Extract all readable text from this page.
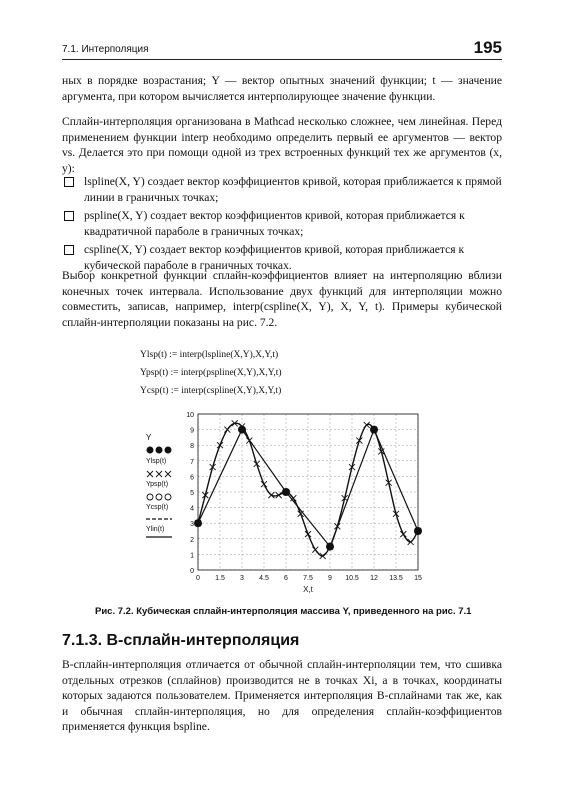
7.1. Интерполяция	195
ных в порядке возрастания; Y — вектор опытных значений функции; t — значение аргумента, при котором вычисляется интерполирующее значение функции.
Сплайн-интерполяция организована в Mathcad несколько сложнее, чем линейная. Перед применением функции interp необходимо определить первый ее аргументов — вектор vs. Делается это при помощи одной из трех встроенных функций тех же аргументов (x, y):
lspline(X, Y) создает вектор коэффициентов кривой, которая приближается к прямой линии в граничных точках;
pspline(X, Y) создает вектор коэффициентов кривой, которая приближается к квадратичной параболе в граничных точках;
cspline(X, Y) создает вектор коэффициентов кривой, которая приближается к кубической параболе в граничных точках.
Выбор конкретной функции сплайн-коэффициентов влияет на интерполяцию вблизи конечных точек интервала. Использование двух функций для интерполяции можно совместить, записав, например, interp(cspline(X, Y), X, Y, t). Примеры кубической сплайн-интерполяции показаны на рис. 7.2.
Ylsp(t) := interp(lspline(X,Y),X,Y,t)
Ypsp(t) := interp(pspline(X,Y),X,Y,t)
Ycsp(t) := interp(cspline(X,Y),X,Y,t)
Y
Ylsp(t)
Ypsp(t)
Ycsp(t)
Ylin(t)
0
1
2
3
4
5
6
7
8
9
10
0 1.5 3 4.5 6 7.5 9 10.5 12 13.5 15
X,t
Рис. 7.2. Кубическая сплайн-интерполяция массива Y, приведенного на рис. 7.1
7.1.3. B-сплайн-интерполяция
B-сплайн-интерполяция отличается от обычной сплайн-интерполяции тем, что сшивка отдельных отрезков (сплайнов) производится не в точках Xi, а в точках, координаты которых задаются пользователем. Применяется интерполяция B-сплайнами так же, как и обычная сплайн-интерполяция, но для определения сплайн-коэффициентов применяется функция bspline.
